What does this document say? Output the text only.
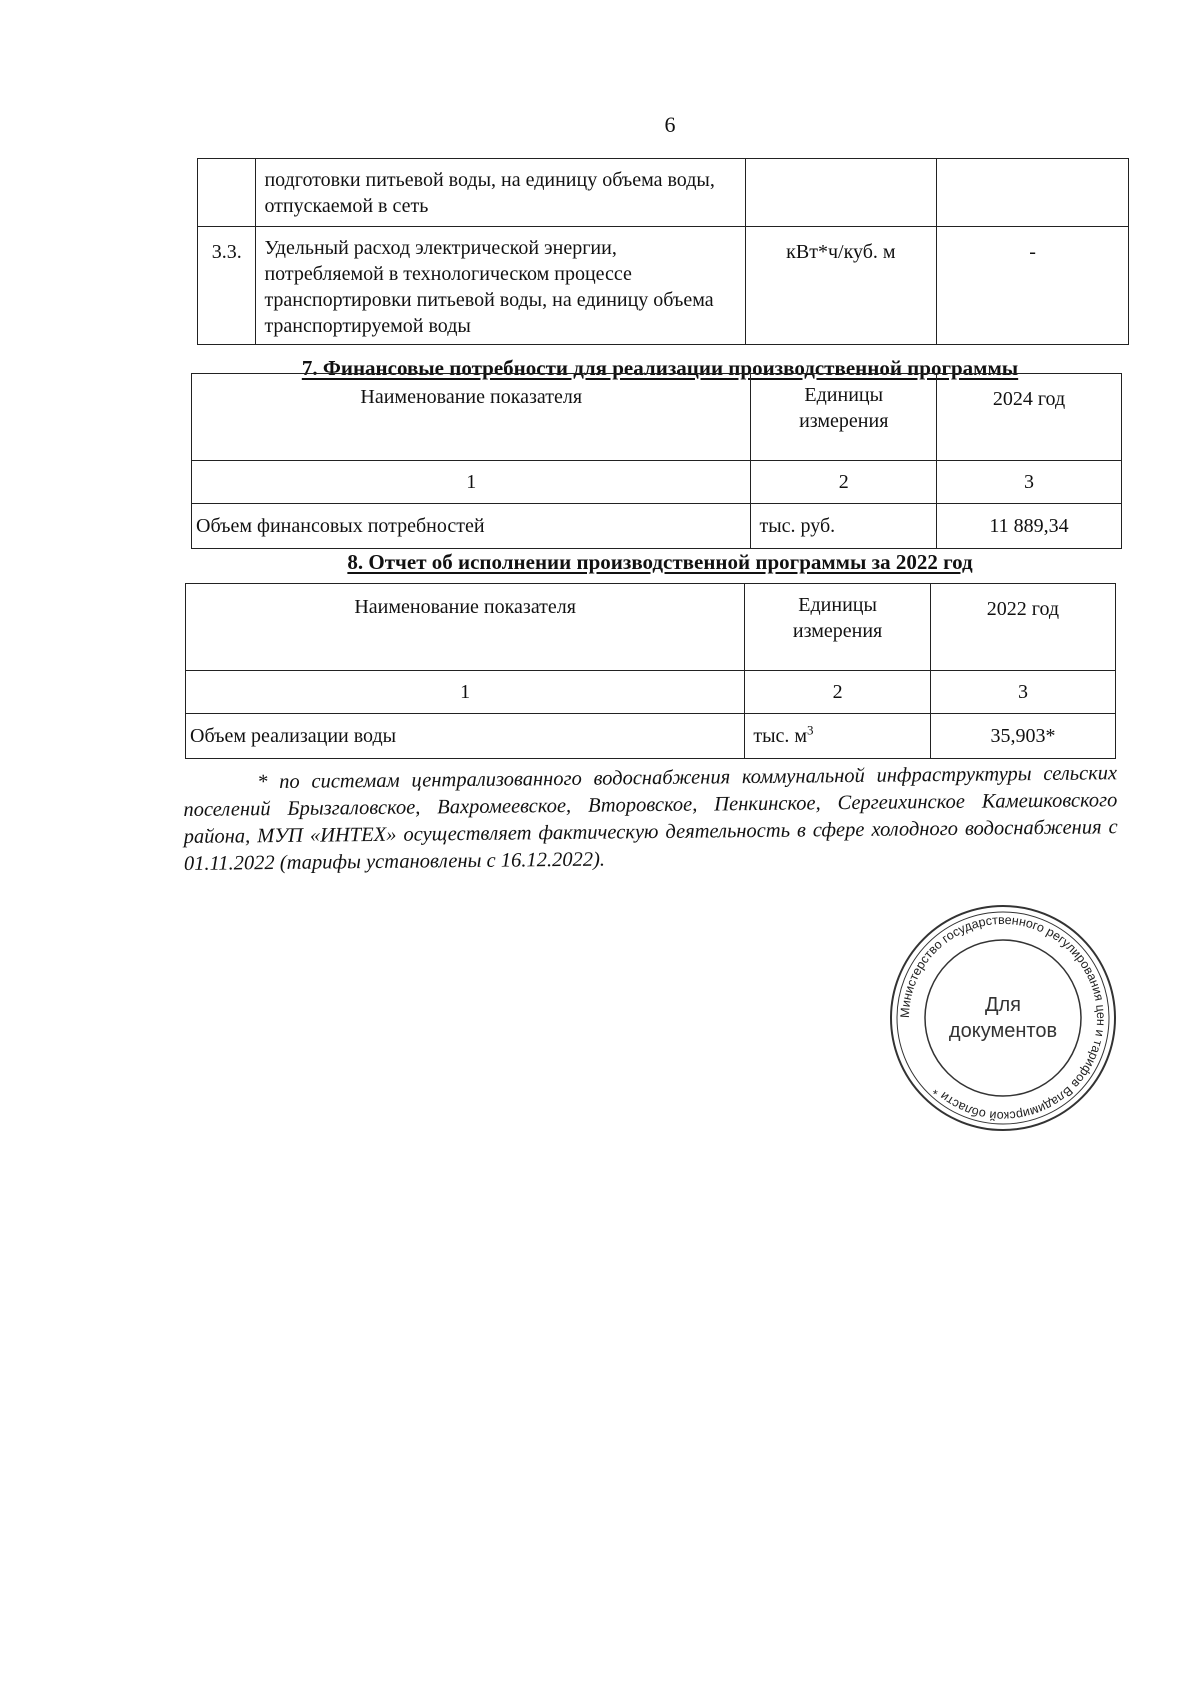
6
	подготовки питьевой воды, на единицу объема воды, отпускаемой в сеть		
3.3.	Удельный расход электрической энергии, потребляемой в технологическом процессе транспортировки питьевой воды, на единицу объема транспортируемой воды	кВт*ч/куб. м	-
7. Финансовые потребности для реализации производственной программы
Наименование показателя	Единицы измерения	2024 год
1	2	3
Объем финансовых потребностей	тыс. руб.	11 889,34
8. Отчет об исполнении производственной программы за 2022 год
Наименование показателя	Единицы измерения	2022 год
1	2	3
Объем реализации воды	тыс. $м^3$	35,903*
* по системам централизованного водоснабжения коммунальной инфраструктуры сельских поселений Брызгаловское, Вахромеевское, Второвское, Пенкинское, Сергеихинское Камешковского района, МУП «ИНТЕХ» осуществляет фактическую деятельность в сфере холодного водоснабжения с 01.11.2022 (тарифы установлены с 16.12.2022).
Министерство государственного регулирования цен и тарифов Владимирской области *
Для
документов
